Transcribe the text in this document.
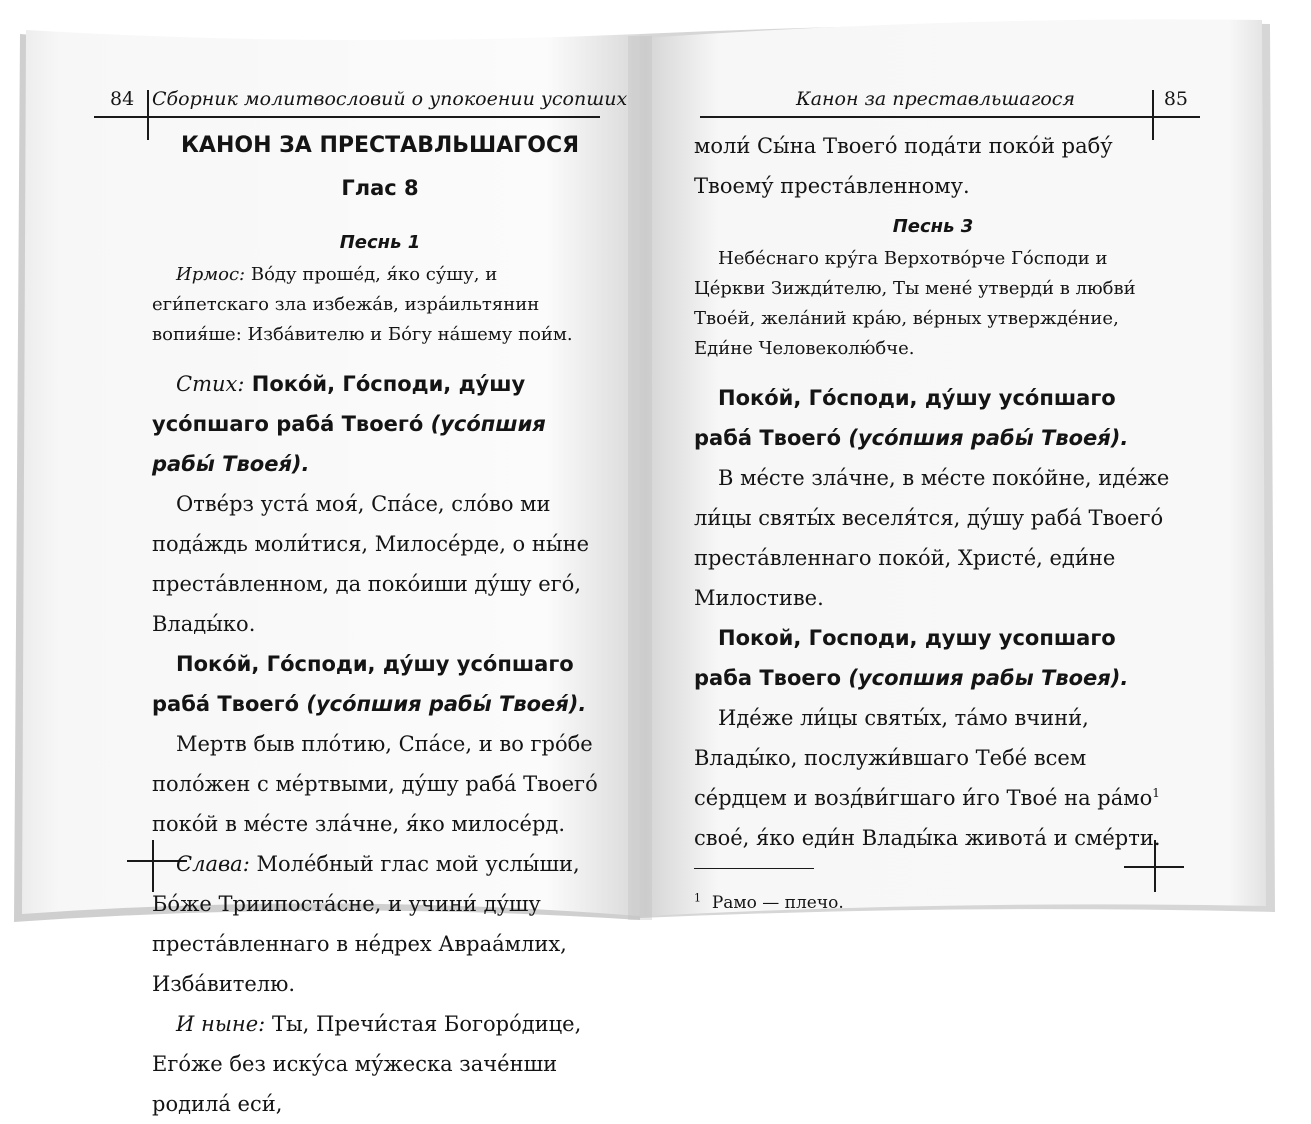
84 Сборник молитвословий о упокоении усопших

КАНОН ЗА ПРЕСТАВЛЬШАГОСЯ

Глас 8

Песнь 1

Ирмос: Во́ду проше́д, я́ко су́шу, и еги́петскаго зла избежа́в, изра́ильтянин вопия́ше: Изба́вителю и Бо́гу на́шему пои́м.

Стих: Поко́й, Го́споди, ду́шу усо́пшаго раба́ Твоего́ (усо́пшия рабы́ Твоея́).

Отве́рз уста́ моя́, Спа́се, сло́во ми пода́ждь моли́тися, Милосе́рде, о ны́не преста́вленном, да поко́иши ду́шу его́, Влады́ко.

Поко́й, Го́споди, ду́шу усо́пшаго раба́ Твоего́ (усо́пшия рабы́ Твоея́).

Мертв быв пло́тию, Спа́се, и во гро́бе поло́жен с ме́ртвыми, ду́шу раба́ Твоего́ поко́й в ме́сте зла́чне, я́ко милосе́рд.

Слава: Моле́бный глас мой услы́ши, Бо́же Триипоста́сне, и учини́ ду́шу преста́вленнаго в не́дрех Авраа́млих, Изба́вителю.

И ныне: Ты, Пречи́стая Богоро́дице, Его́же без иску́са му́жеска заче́нши родила́ еси́,

Канон за преставльшагося	85

моли́ Сы́на Твоего́ пода́ти поко́й рабу́ Твоему́ преста́вленному.

Песнь 3

Небе́снаго кру́га Верхотво́рче Го́споди и Це́ркви Зижди́телю, Ты мене́ утверди́ в любви́ Твое́й, жела́ний кра́ю, ве́рных утвержде́ние, Еди́не Человеколю́бче.

Поко́й, Го́споди, ду́шу усо́пшаго раба́ Твоего́ (усо́пшия рабы́ Твоея́).

В ме́сте зла́чне, в ме́сте поко́йне, иде́же ли́цы святы́х веселя́тся, ду́шу раба́ Твоего́ преста́вленнаго поко́й, Христе́, еди́не Милостиве.

Покой, Господи, душу усопшаго раба Твоего (усопшия рабы Твоея).

Иде́же ли́цы святы́х, та́мо вчини́, Влады́ко, послужи́вшаго Тебе́ всем се́рдцем и возд́ви́гшаго и́го Твое́ на $ра́мо^1$ свое́, я́ко еди́н Влады́ка живота́ и сме́рти.

$^1$ Рамо — плечо.
